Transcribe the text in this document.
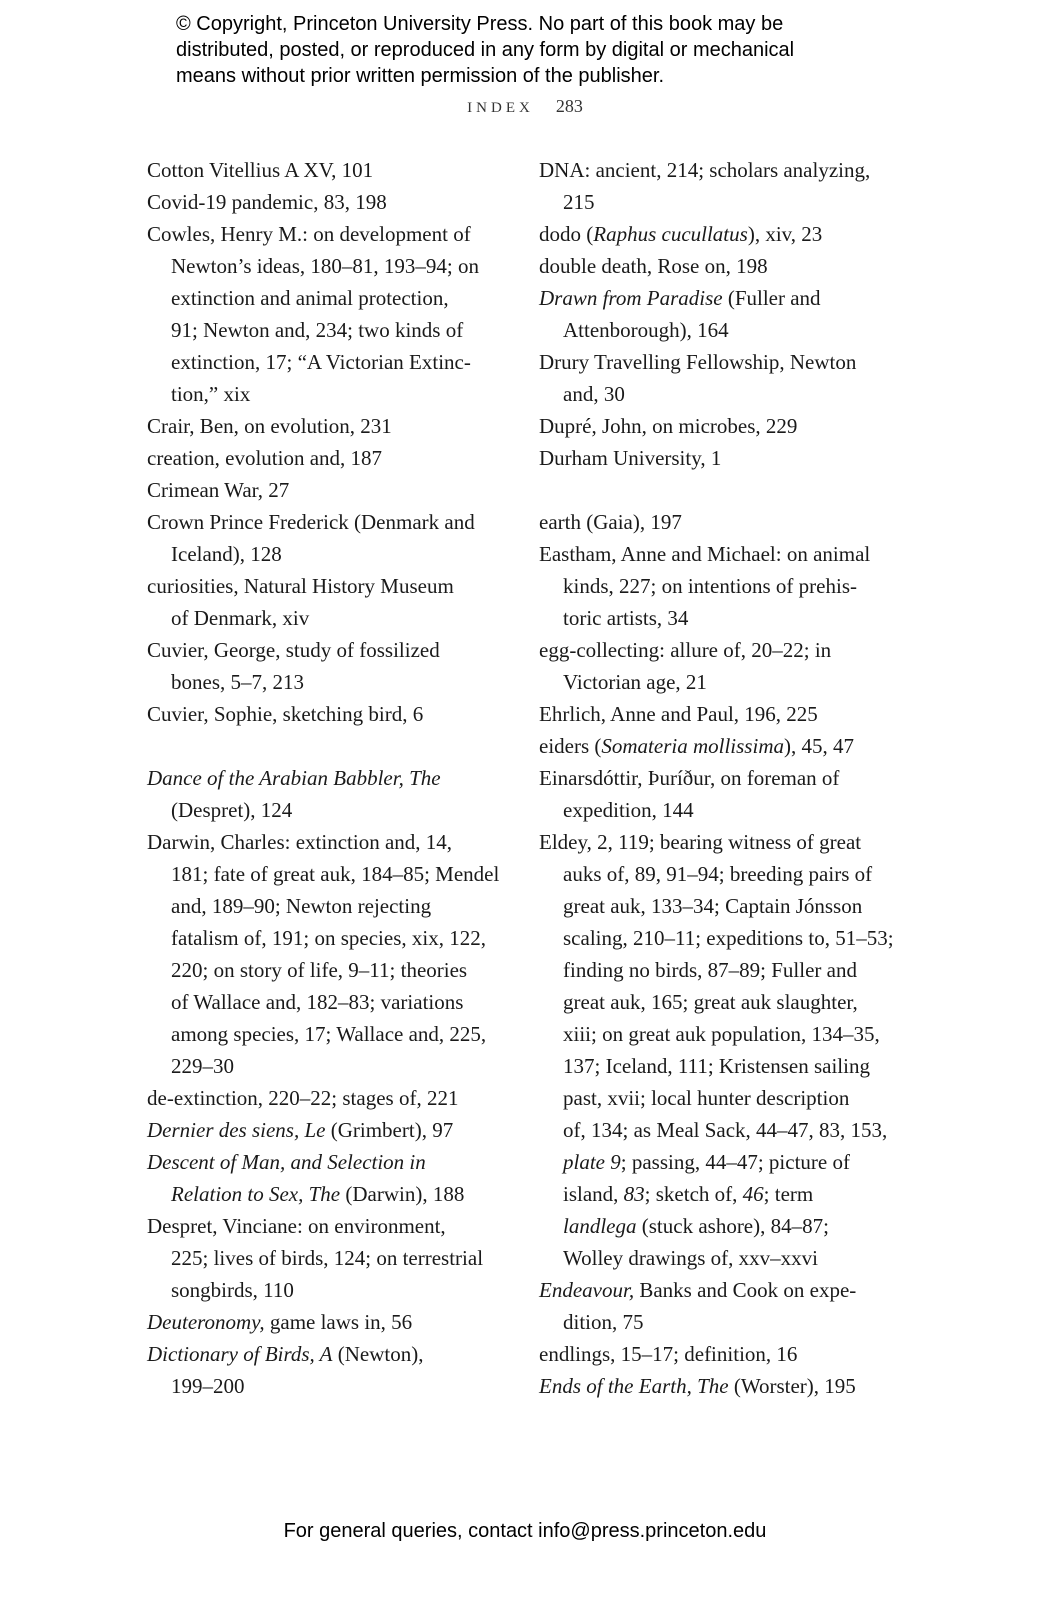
© Copyright, Princeton University Press. No part of this book may be
distributed, posted, or reproduced in any form by digital or mechanical
means without prior written permission of the publisher.
INDEX 283
Cotton Vitellius A XV, 101
Covid-19 pandemic, 83, 198
Cowles, Henry M.: on development of
Newton’s ideas, 180–81, 193–94; on
extinction and animal protection,
91; Newton and, 234; two kinds of
extinction, 17; “A Victorian Extinc-
tion,” xix
Crair, Ben, on evolution, 231
creation, evolution and, 187
Crimean War, 27
Crown Prince Frederick (Denmark and
Iceland), 128
curiosities, Natural History Museum
of Denmark, xiv
Cuvier, George, study of fossilized
bones, 5–7, 213
Cuvier, Sophie, sketching bird, 6
Dance of the Arabian Babbler, The
(Despret), 124
Darwin, Charles: extinction and, 14,
181; fate of great auk, 184–85; Mendel
and, 189–90; Newton rejecting
fatalism of, 191; on species, xix, 122,
220; on story of life, 9–11; theories
of Wallace and, 182–83; variations
among species, 17; Wallace and, 225,
229–30
de-extinction, 220–22; stages of, 221
Dernier des siens, Le (Grimbert), 97
Descent of Man, and Selection in
Relation to Sex, The (Darwin), 188
Despret, Vinciane: on environment,
225; lives of birds, 124; on terrestrial
songbirds, 110
Deuteronomy, game laws in, 56
Dictionary of Birds, A (Newton),
199–200
DNA: ancient, 214; scholars analyzing,
215
dodo (Raphus cucullatus), xiv, 23
double death, Rose on, 198
Drawn from Paradise (Fuller and
Attenborough), 164
Drury Travelling Fellowship, Newton
and, 30
Dupré, John, on microbes, 229
Durham University, 1
earth (Gaia), 197
Eastham, Anne and Michael: on animal
kinds, 227; on intentions of prehis-
toric artists, 34
egg-collecting: allure of, 20–22; in
Victorian age, 21
Ehrlich, Anne and Paul, 196, 225
eiders (Somateria mollissima), 45, 47
Einarsdóttir, Þuríður, on foreman of
expedition, 144
Eldey, 2, 119; bearing witness of great
auks of, 89, 91–94; breeding pairs of
great auk, 133–34; Captain Jónsson
scaling, 210–11; expeditions to, 51–53;
finding no birds, 87–89; Fuller and
great auk, 165; great auk slaughter,
xiii; on great auk population, 134–35,
137; Iceland, 111; Kristensen sailing
past, xvii; local hunter description
of, 134; as Meal Sack, 44–47, 83, 153,
plate 9; passing, 44–47; picture of
island, 83; sketch of, 46; term
landlega (stuck ashore), 84–87;
Wolley drawings of, xxv–xxvi
Endeavour, Banks and Cook on expe-
dition, 75
endlings, 15–17; definition, 16
Ends of the Earth, The (Worster), 195
For general queries, contact info@press.princeton.edu
